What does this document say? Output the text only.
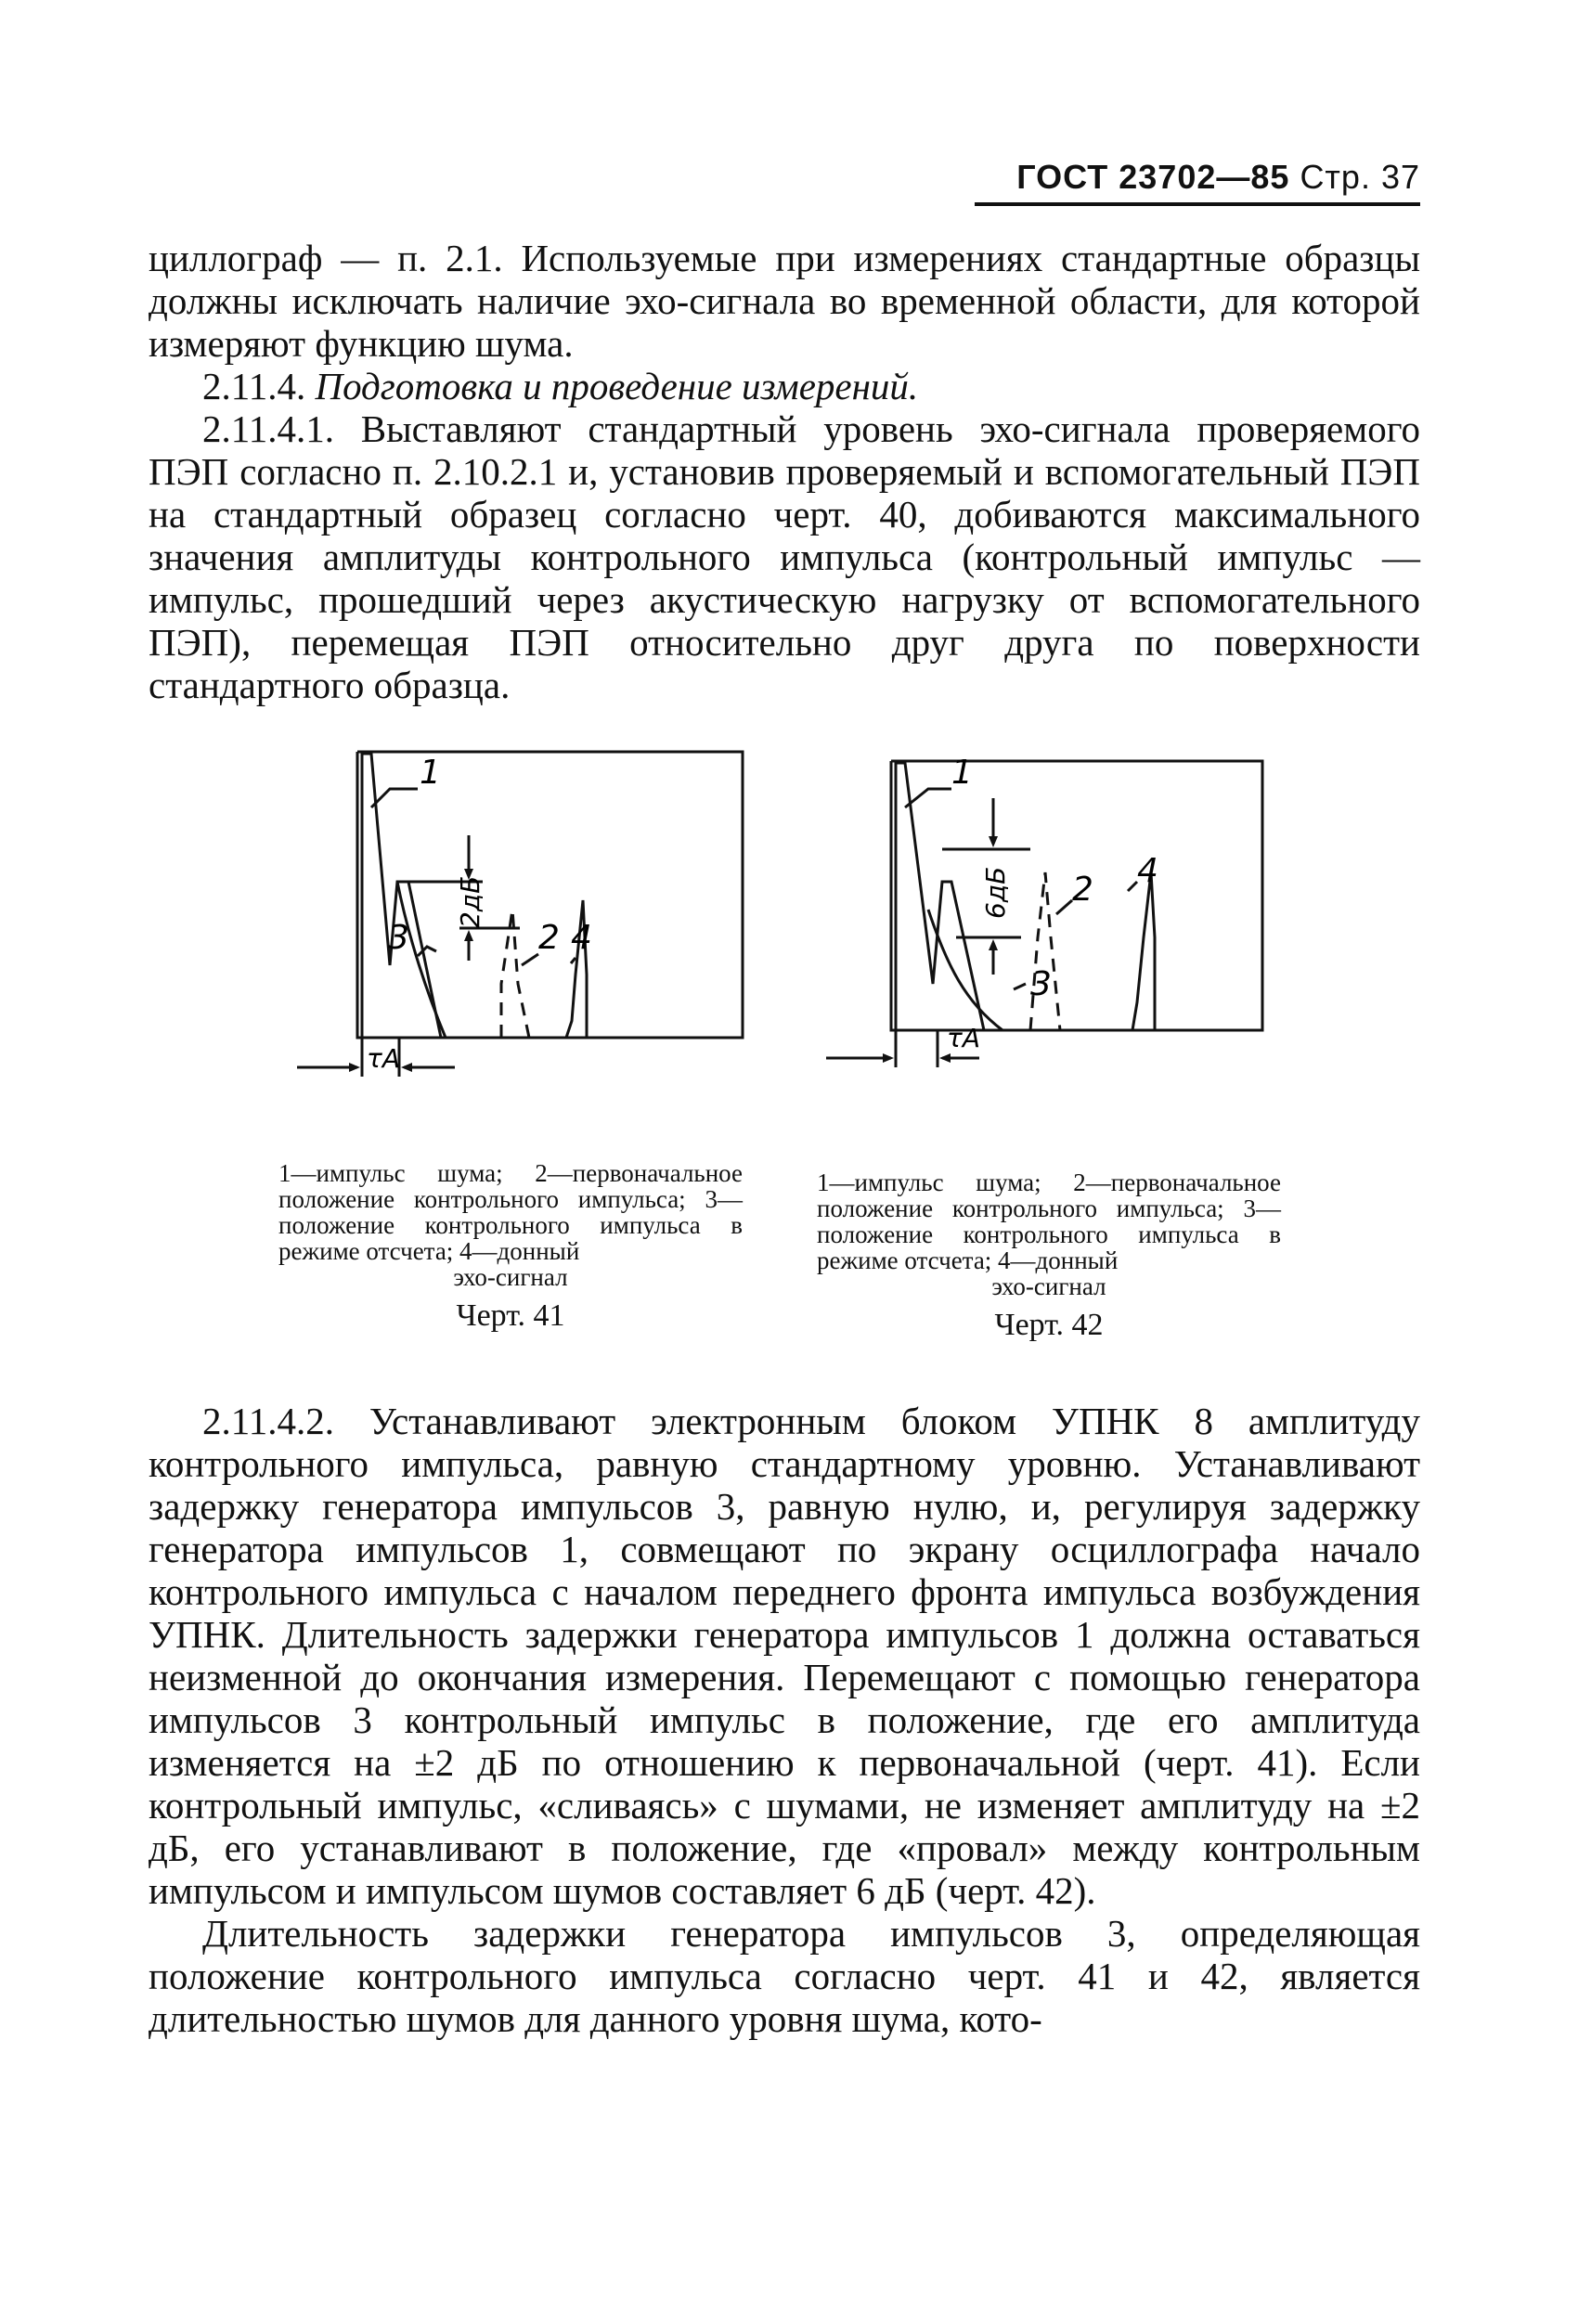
ГОСТ 23702—85 Стр. 37

циллограф — п. 2.1. Используемые при измерениях стандартные образцы должны исключать наличие эхо-сигнала во временной области, для которой измеряют функцию шума.

2.11.4. Подготовка и проведение измерений.

2.11.4.1. Выставляют стандартный уровень эхо-сигнала проверяемого ПЭП согласно п. 2.10.2.1 и, установив проверяемый и вспомогательный ПЭП на стандартный образец согласно черт. 40, добиваются максимального значения амплитуды контрольного импульса (контрольный импульс — импульс, прошедший через акустическую нагрузку от вспомогательного ПЭП), перемещая ПЭП относительно друг друга по поверхности стандартного образца.

1
2дБ
3	2 4
τA
1—импульс шума; 2—первоначальное положение контрольного импульса; 3—положение контрольного импульса в режиме отсчета; 4—донный
эхо-сигнал
Черт. 41
1
6дБ 2 4
3
τA
1—импульс шума; 2—первоначальное положение контрольного импульса; 3—положение контрольного импульса в режиме отсчета; 4—донный
эхо-сигнал
Черт. 42

2.11.4.2. Устанавливают электронным блоком УПНК 8 амплитуду контрольного импульса, равную стандартному уровню. Устанавливают задержку генератора импульсов 3, равную нулю, и, регулируя задержку генератора импульсов 1, совмещают по экрану осциллографа начало контрольного импульса с началом переднего фронта импульса возбуждения УПНК. Длительность задержки генератора импульсов 1 должна оставаться неизменной до окончания измерения. Перемещают с помощью генератора импульсов 3 контрольный импульс в положение, где его амплитуда изменяется на ±2 дБ по отношению к первоначальной (черт. 41). Если контрольный импульс, «сливаясь» с шумами, не изменяет амплитуду на ±2 дБ, его устанавливают в положение, где «провал» между контрольным импульсом и импульсом шумов составляет 6 дБ (черт. 42).

Длительность задержки генератора импульсов 3, определяющая положение контрольного импульса согласно черт. 41 и 42, является длительностью шумов для данного уровня шума, кото-
